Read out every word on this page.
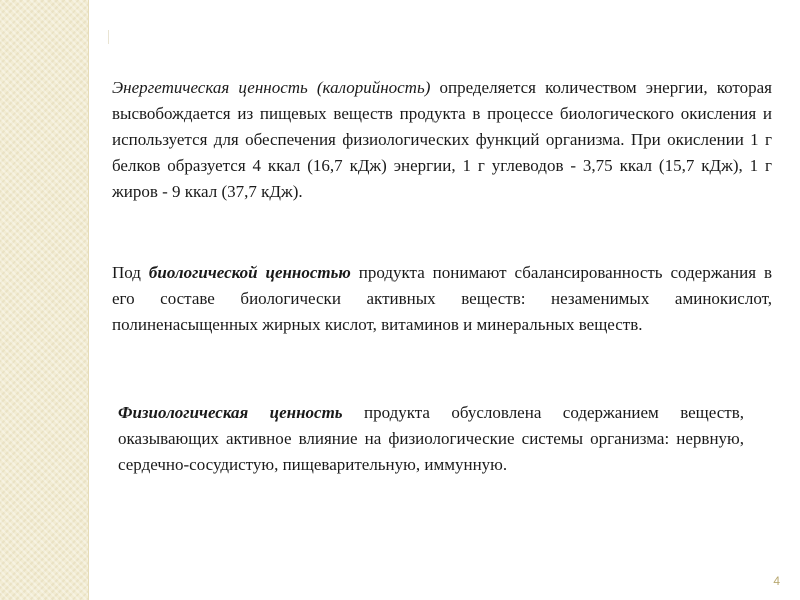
Энергетическая ценность (калорийность) определяется количеством энергии, которая высвобождается из пищевых веществ продукта в процессе биологического окисления и используется для обеспечения физиологических функций организма. При окислении 1 г белков образуется 4 ккал (16,7 кДж) энергии, 1 г углеводов - 3,75 ккал (15,7 кДж), 1 г жиров - 9 ккал (37,7 кДж).

Под биологической ценностью продукта понимают сбалансированность содержания в его составе биологически активных веществ: незаменимых аминокислот, полиненасыщенных жирных кислот, витаминов и минеральных веществ.

Физиологическая ценность продукта обусловлена содержанием веществ, оказывающих активное влияние на физиологические системы организма: нервную, сердечно-сосудистую, пищеварительную, иммунную.

4
